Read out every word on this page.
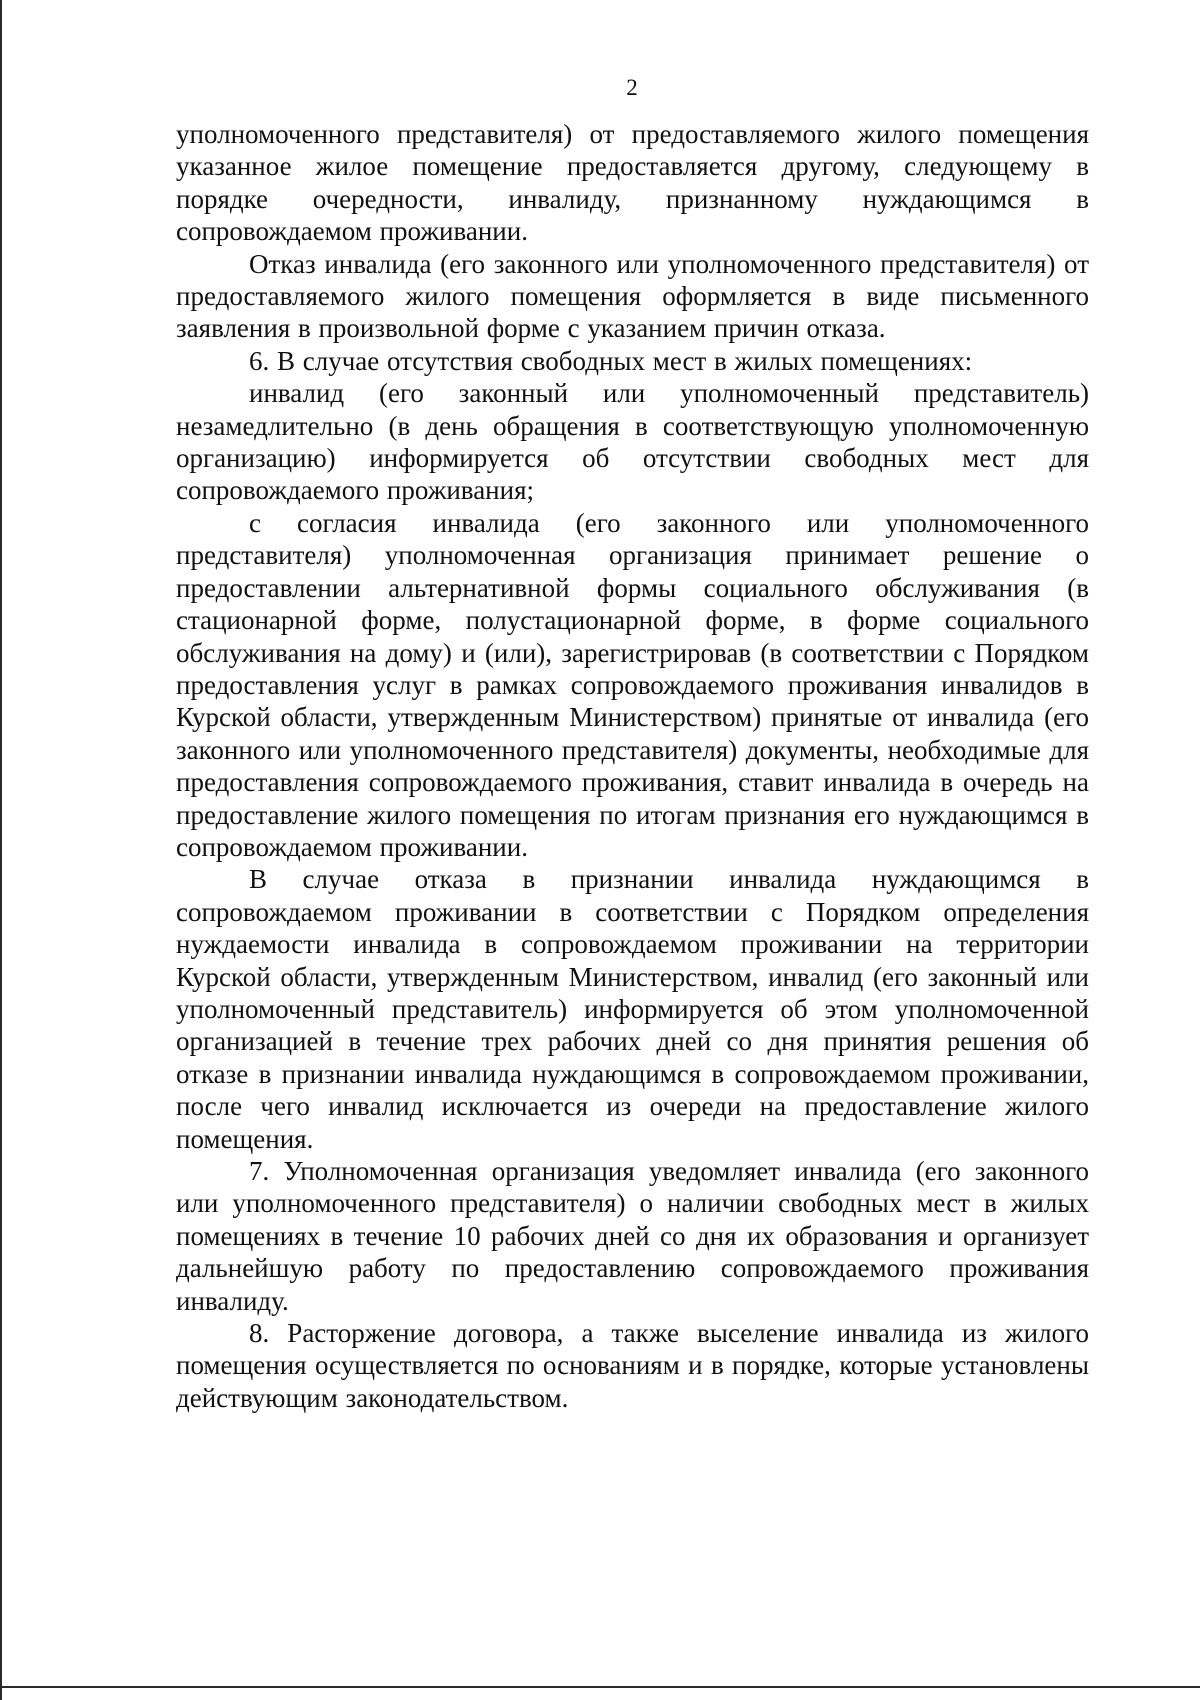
2

уполномоченного представителя) от предоставляемого жилого помещения указанное жилое помещение предоставляется другому, следующему в порядке очередности, инвалиду, признанному нуждающимся в сопровождаемом проживании.

Отказ инвалида (его законного или уполномоченного представителя) от предоставляемого жилого помещения оформляется в виде письменного заявления в произвольной форме с указанием причин отказа.

6. В случае отсутствия свободных мест в жилых помещениях:

инвалид (его законный или уполномоченный представитель) незамедлительно (в день обращения в соответствующую уполномоченную организацию) информируется об отсутствии свободных мест для сопровождаемого проживания;

с согласия инвалида (его законного или уполномоченного представителя) уполномоченная организация принимает решение о предоставлении альтернативной формы социального обслуживания (в стационарной форме, полустационарной форме, в форме социального обслуживания на дому) и (или), зарегистрировав (в соответствии с Порядком предоставления услуг в рамках сопровождаемого проживания инвалидов в Курской области, утвержденным Министерством) принятые от инвалида (его законного или уполномоченного представителя) документы, необходимые для предоставления сопровождаемого проживания, ставит инвалида в очередь на предоставление жилого помещения по итогам признания его нуждающимся в сопровождаемом проживании.

В случае отказа в признании инвалида нуждающимся в сопровождаемом проживании в соответствии с Порядком определения нуждаемости инвалида в сопровождаемом проживании на территории Курской области, утвержденным Министерством, инвалид (его законный или уполномоченный представитель) информируется об этом уполномоченной организацией в течение трех рабочих дней со дня принятия решения об отказе в признании инвалида нуждающимся в сопровождаемом проживании, после чего инвалид исключается из очереди на предоставление жилого помещения.

7. Уполномоченная организация уведомляет инвалида (его законного или уполномоченного представителя) о наличии свободных мест в жилых помещениях в течение 10 рабочих дней со дня их образования и организует дальнейшую работу по предоставлению сопровождаемого проживания инвалиду.

8. Расторжение договора, а также выселение инвалида из жилого помещения осуществляется по основаниям и в порядке, которые установлены действующим законодательством.
